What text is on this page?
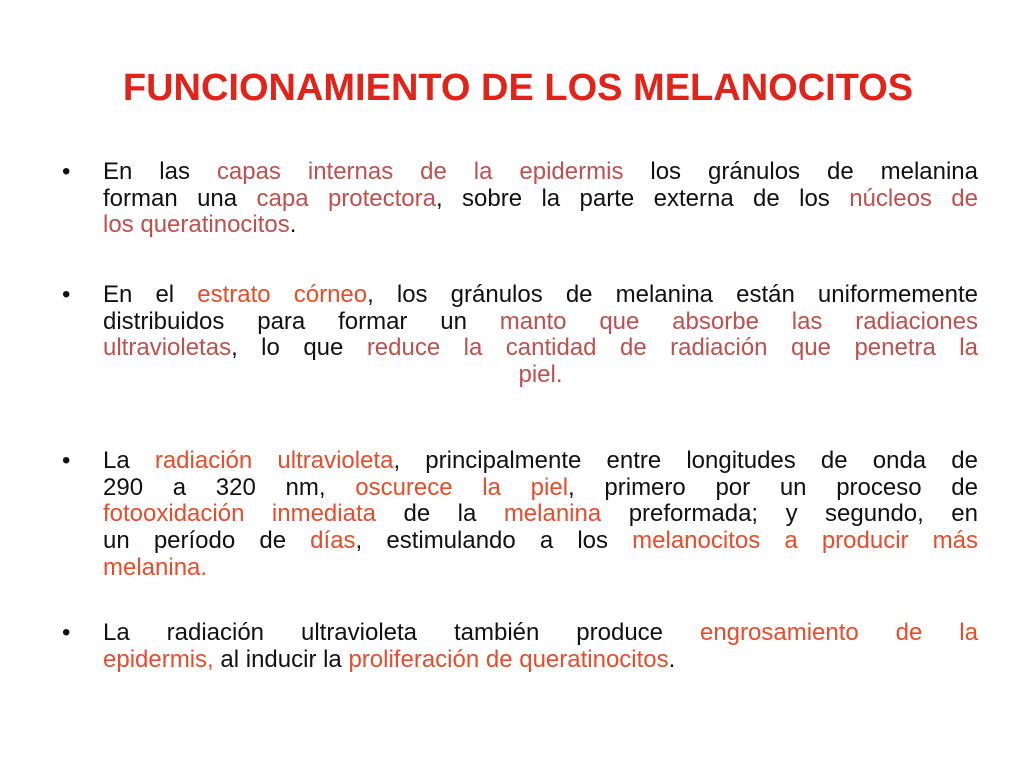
FUNCIONAMIENTO DE LOS MELANOCITOS
• En las capas internas de la epidermis los gránulos de melanina
forman una capa protectora, sobre la parte externa de los núcleos de
los queratinocitos.
• En el estrato córneo, los gránulos de melanina están uniformemente
distribuidos para formar un manto que absorbe las radiaciones
ultravioletas, lo que reduce la cantidad de radiación que penetra la
piel.
• La radiación ultravioleta, principalmente entre longitudes de onda de
290 a 320 nm, oscurece la piel, primero por un proceso de
fotooxidación inmediata de la melanina preformada; y segundo, en
un período de días, estimulando a los melanocitos a producir más
melanina.
• La radiación ultravioleta también produce engrosamiento de la
epidermis, al inducir la proliferación de queratinocitos.
